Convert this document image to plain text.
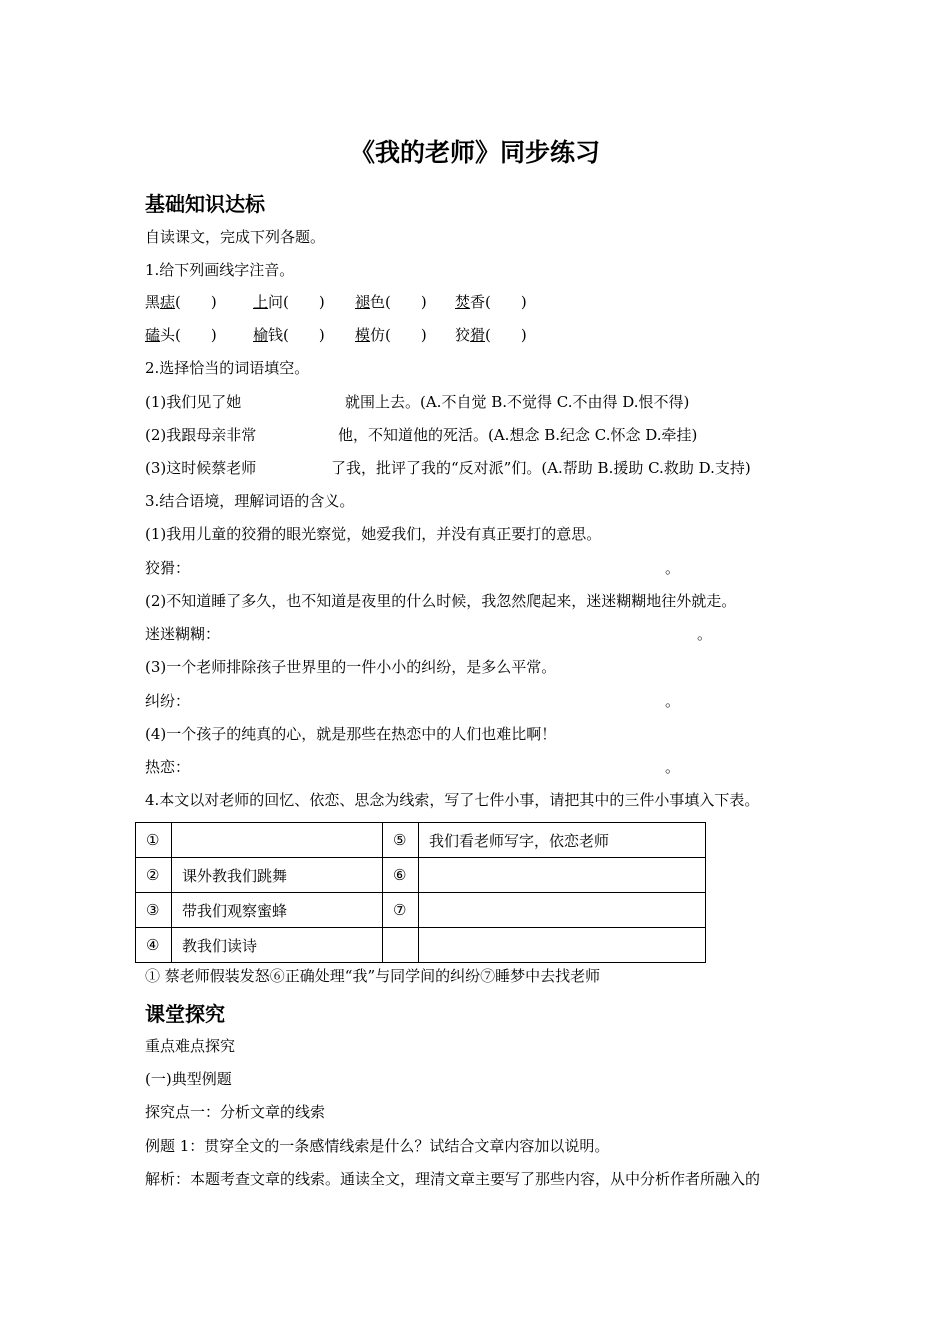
《我的老师》同步练习
基础知识达标
自读课文，完成下列各题。
1.给下列画线字注音。
黑痣(　　) 上问(　　) 褪色(　　) 焚香(　　)
磕头(　　) 榆钱(　　) 模仿(　　) 狡猾(　　)
2.选择恰当的词语填空。
(1)我们见了她	就围上去。(A.不自觉 B.不觉得 C.不由得 D.恨不得)
(2)我跟母亲非常	他，不知道他的死活。(A.想念 B.纪念 C.怀念 D.牵挂)
(3)这时候蔡老师	了我，批评了我的“反对派”们。(A.帮助 B.援助 C.救助 D.支持)
3.结合语境，理解词语的含义。
(1)我用儿童的狡猾的眼光察觉，她爱我们，并没有真正要打的意思。
狡猾：	。
(2)不知道睡了多久，也不知道是夜里的什么时候，我忽然爬起来，迷迷糊糊地往外就走。
迷迷糊糊：	。
(3)一个老师排除孩子世界里的一件小小的纠纷，是多么平常。
纠纷：	。
(4)一个孩子的纯真的心，就是那些在热恋中的人们也难比啊！
热恋：	。
4.本文以对老师的回忆、依恋、思念为线索，写了七件小事，请把其中的三件小事填入下表。
①		⑤	我们看老师写字，依恋老师
②	课外教我们跳舞	⑥	
③	带我们观察蜜蜂	⑦	
④	教我们读诗		
① 蔡老师假装发怒⑥正确处理“我”与同学间的纠纷⑦睡梦中去找老师
课堂探究
重点难点探究
(一)典型例题
探究点一：分析文章的线索
例题 1：贯穿全文的一条感情线索是什么？试结合文章内容加以说明。
解析：本题考查文章的线索。通读全文，理清文章主要写了那些内容，从中分析作者所融入的
